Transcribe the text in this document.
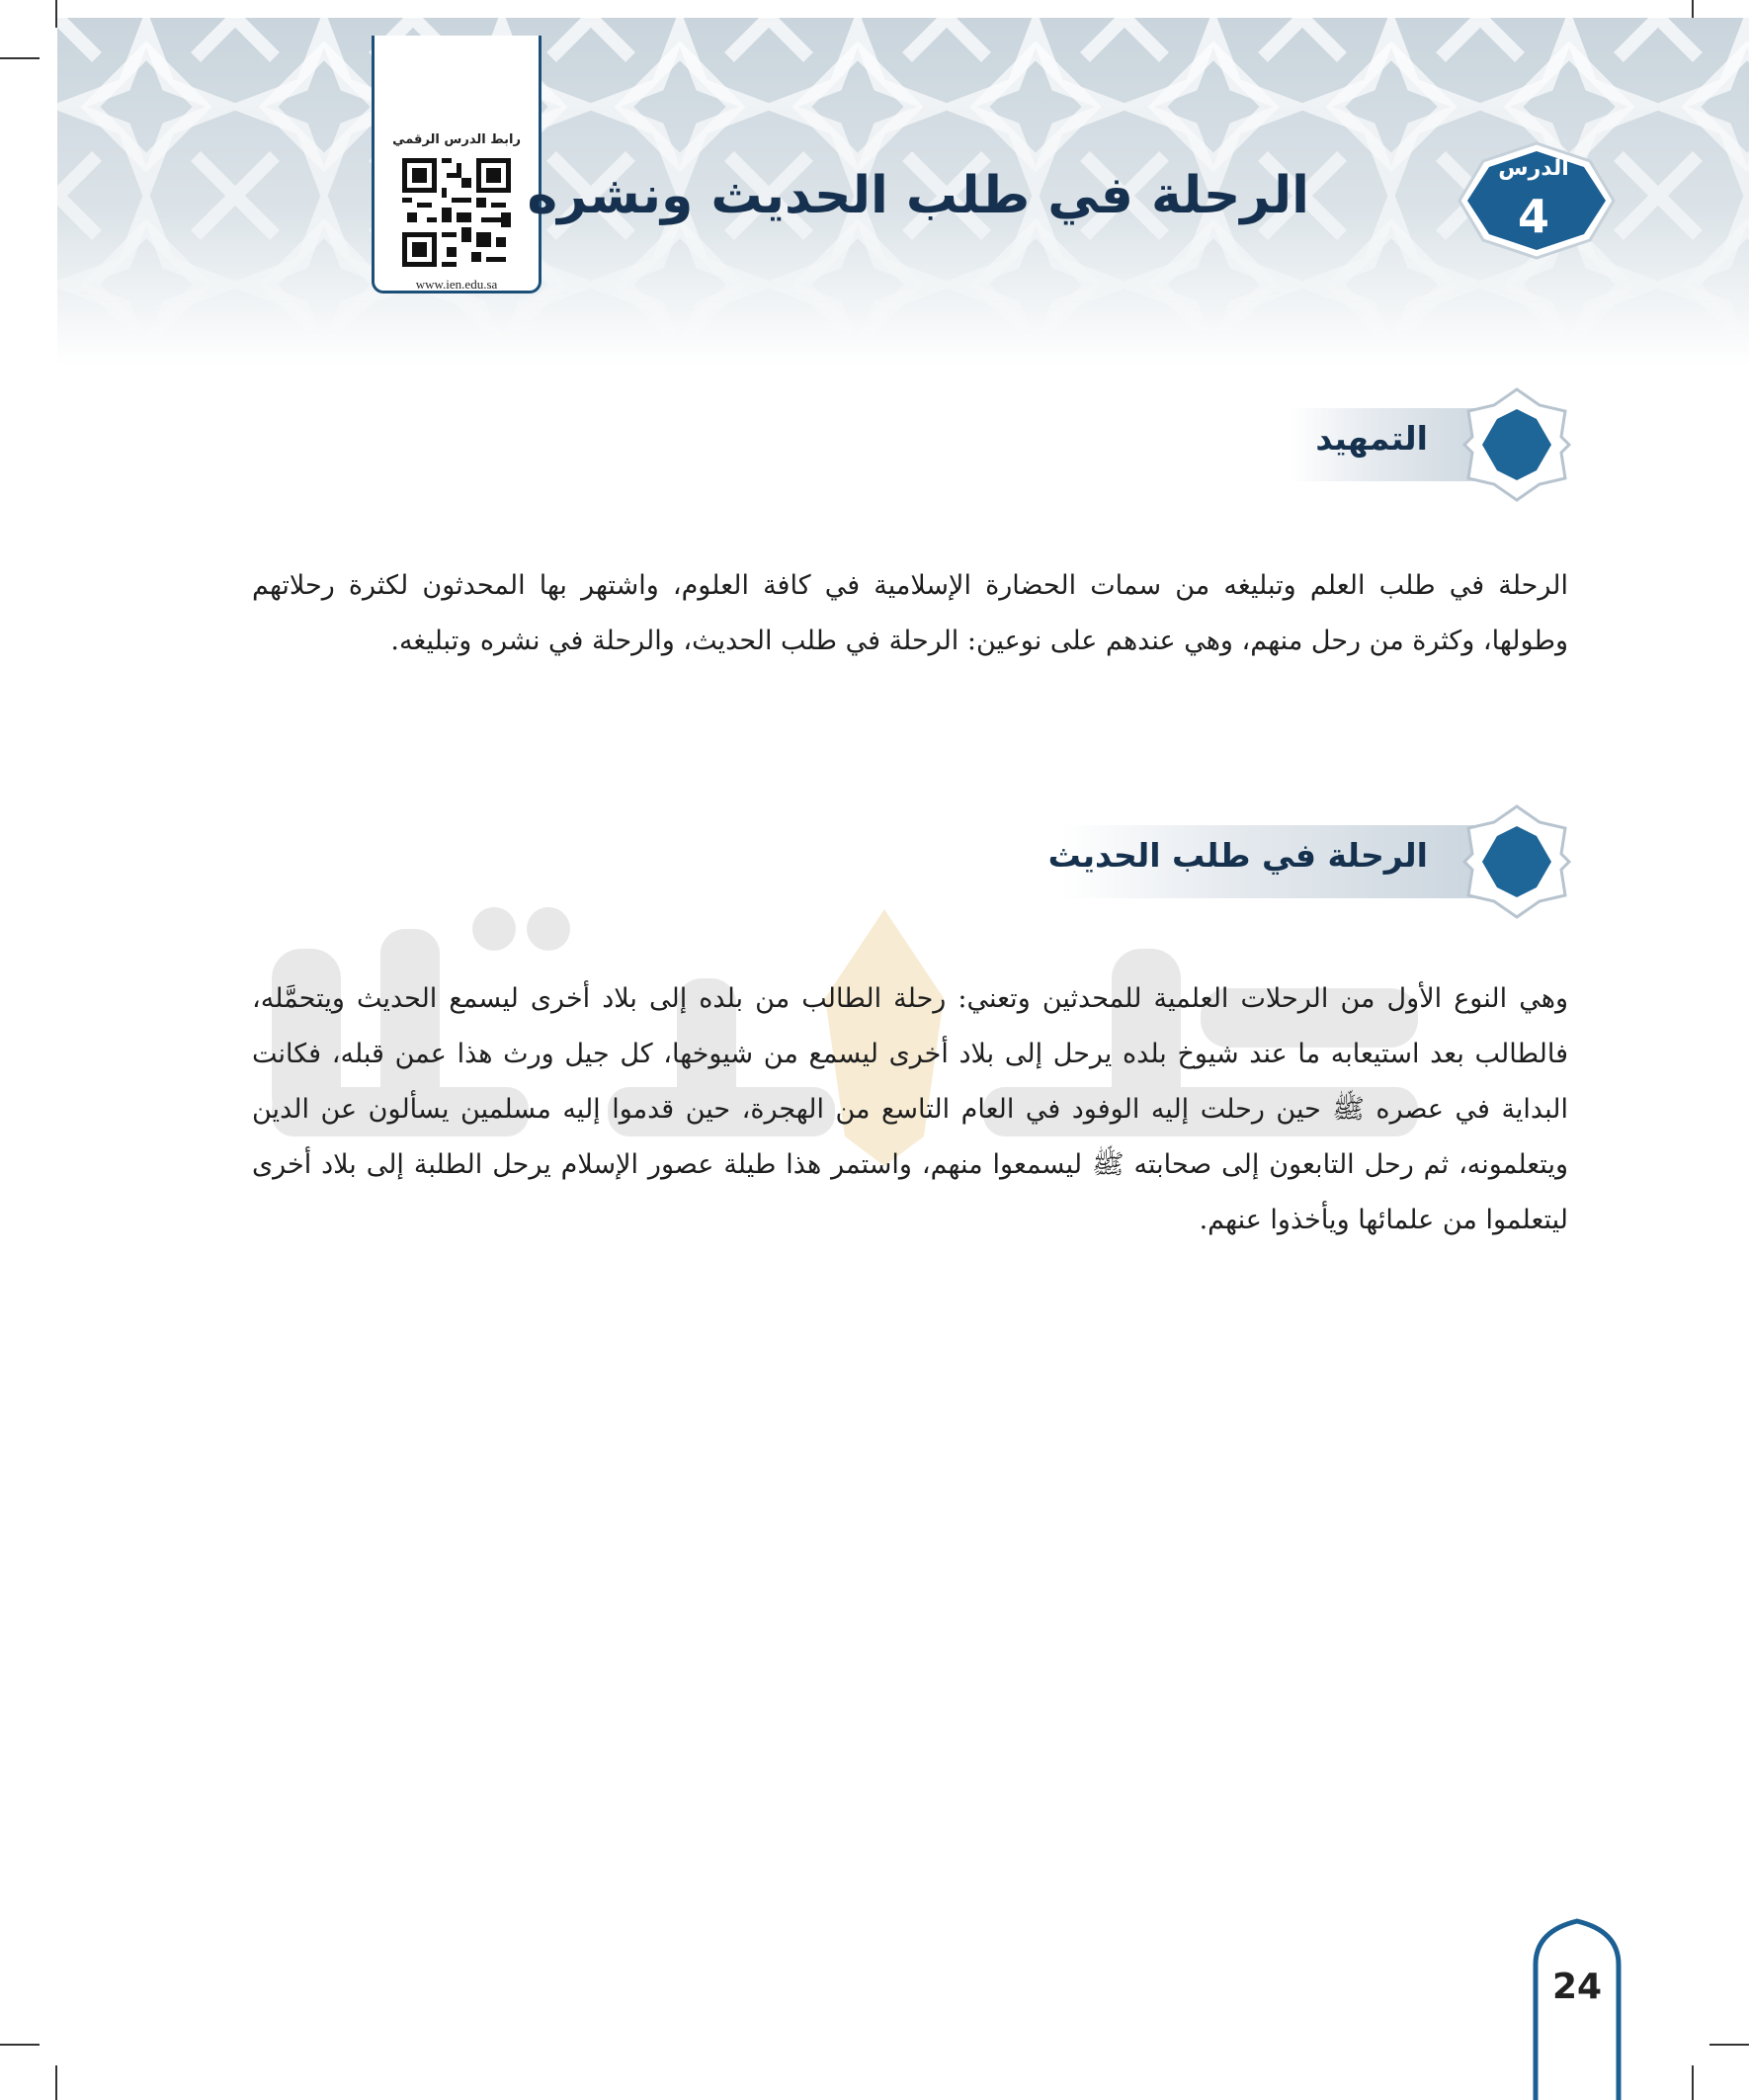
رابط الدرس الرقمي
www.ien.edu.sa
الرحلة في طلب الحديث ونشره	الدرس
4
التمهيد

الرحلة في طلب العلم وتبليغه من سمات الحضارة الإسلامية في كافة العلوم، واشتهر بها المحدثون لكثرة رحلاتهم وطولها، وكثرة من رحل منهم، وهي عندهم على نوعين: الرحلة في طلب الحديث، والرحلة في نشره وتبليغه.

الرحلة في طلب الحديث

وهي النوع الأول من الرحلات العلمية للمحدثين وتعني: رحلة الطالب من بلده إلى بلاد أخرى ليسمع الحديث ويتحمَّله، فالطالب بعد استيعابه ما عند شيوخ بلده يرحل إلى بلاد أخرى ليسمع من شيوخها، كل جيل ورث هذا عمن قبله، فكانت البداية في عصره ﷺ حين رحلت إليه الوفود في العام التاسع من الهجرة، حين قدموا إليه مسلمين يسألون عن الدين ويتعلمونه، ثم رحل التابعون إلى صحابته ﷺ ليسمعوا منهم، واستمر هذا طيلة عصور الإسلام يرحل الطلبة إلى بلاد أخرى ليتعلموا من علمائها ويأخذوا عنهم.

24
